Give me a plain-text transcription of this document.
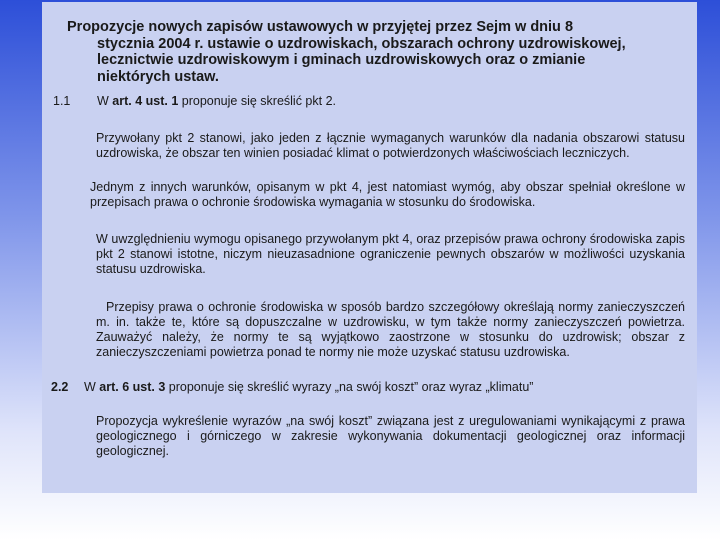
Propozycje nowych zapisów ustawowych w przyjętej przez Sejm w dniu 8
stycznia 2004 r. ustawie o uzdrowiskach, obszarach ochrony uzdrowiskowej,
lecznictwie uzdrowiskowym i gminach uzdrowiskowych oraz o zmianie
niektórych ustaw.
1.1 W art. 4 ust. 1 proponuje się skreślić pkt 2.
Przywołany pkt 2 stanowi, jako jeden z łącznie wymaganych warunków dla nadania obszarowi statusu uzdrowiska, że obszar ten winien posiadać klimat o potwierdzonych właściwościach leczniczych.
Jednym z innych warunków, opisanym w pkt 4, jest natomiast wymóg, aby obszar spełniał określone w przepisach prawa o ochronie środowiska wymagania w stosunku do środowiska.
W uwzględnieniu wymogu opisanego przywołanym pkt 4, oraz przepisów prawa ochrony środowiska zapis pkt 2 stanowi istotne, niczym nieuzasadnione ograniczenie pewnych obszarów w możliwości uzyskania statusu uzdrowiska.
Przepisy prawa o ochronie środowiska w sposób bardzo szczegółowy określają normy zanieczyszczeń m. in. także te, które są dopuszczalne w uzdrowisku, w tym także normy zanieczyszczeń powietrza. Zauważyć należy, że normy te są wyjątkowo zaostrzone w stosunku do uzdrowisk; obszar z zanieczyszczeniami powietrza ponad te normy nie może uzyskać statusu uzdrowiska.
2.2 W art. 6 ust. 3 proponuje się skreślić wyrazy „na swój koszt” oraz wyraz „klimatu”
Propozycja wykreślenie wyrazów „na swój koszt” związana jest z uregulowaniami wynikającymi z prawa geologicznego i górniczego w zakresie wykonywania dokumentacji geologicznej oraz informacji geologicznej.
